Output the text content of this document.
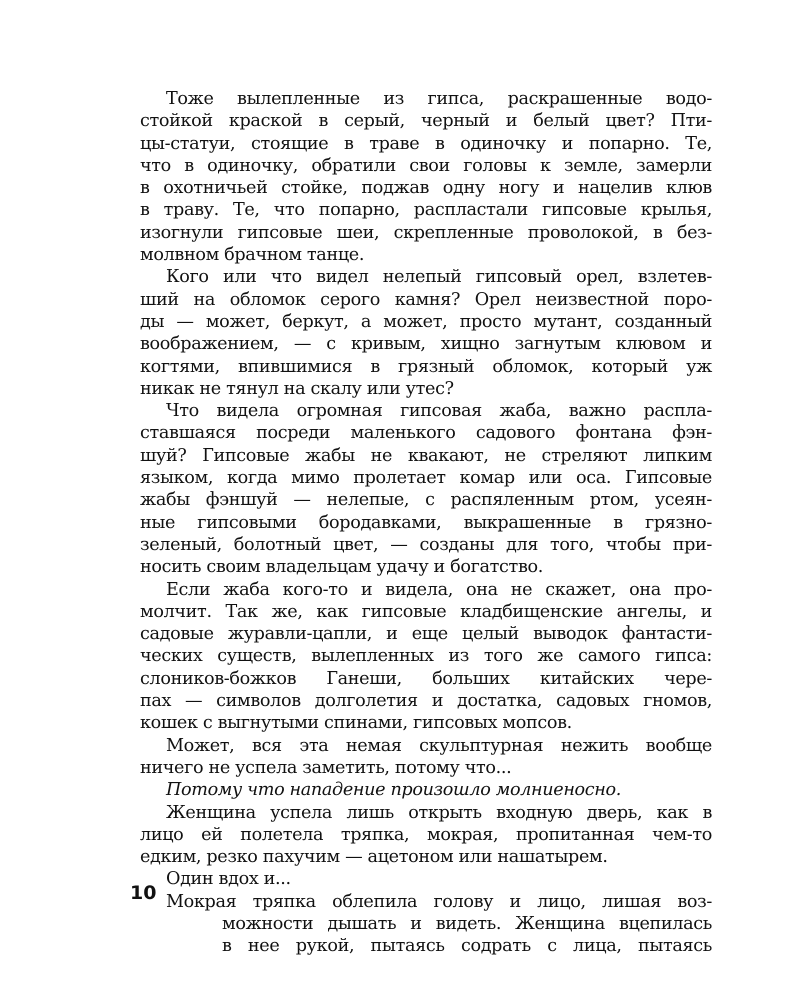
Тоже вылепленные из гипса, раскрашенные водо-
стойкой краской в серый, черный и белый цвет? Пти-
цы-статуи, стоящие в траве в одиночку и попарно. Те,
что в одиночку, обратили свои головы к земле, замерли
в охотничьей стойке, поджав одну ногу и нацелив клюв
в траву. Те, что попарно, распластали гипсовые крылья,
изогнули гипсовые шеи, скрепленные проволокой, в без-
молвном брачном танце.
Кого или что видел нелепый гипсовый орел, взлетев-
ший на обломок серого камня? Орел неизвестной поро-
ды — может, беркут, а может, просто мутант, созданный
воображением, — с кривым, хищно загнутым клювом и
когтями, впившимися в грязный обломок, который уж
никак не тянул на скалу или утес?
Что видела огромная гипсовая жаба, важно распла-
ставшаяся посреди маленького садового фонтана фэн-
шуй? Гипсовые жабы не квакают, не стреляют липким
языком, когда мимо пролетает комар или оса. Гипсовые
жабы фэншуй — нелепые, с распяленным ртом, усеян-
ные гипсовыми бородавками, выкрашенные в грязно-
зеленый, болотный цвет, — созданы для того, чтобы при-
носить своим владельцам удачу и богатство.
Если жаба кого-то и видела, она не скажет, она про-
молчит. Так же, как гипсовые кладбищенские ангелы, и
садовые журавли-цапли, и еще целый выводок фантасти-
ческих существ, вылепленных из того же самого гипса:
слоников-божков Ганеши, больших китайских чере-
пах — символов долголетия и достатка, садовых гномов,
кошек с выгнутыми спинами, гипсовых мопсов.
Может, вся эта немая скульптурная нежить вообще
ничего не успела заметить, потому что...
Потому что нападение произошло молниеносно.
Женщина успела лишь открыть входную дверь, как в
лицо ей полетела тряпка, мокрая, пропитанная чем-то
едким, резко пахучим — ацетоном или нашатырем.
Один вдох и...
Мокрая тряпка облепила голову и лицо, лишая воз-
можности дышать и видеть. Женщина вцепилась
в нее рукой, пытаясь содрать с лица, пытаясь
10
